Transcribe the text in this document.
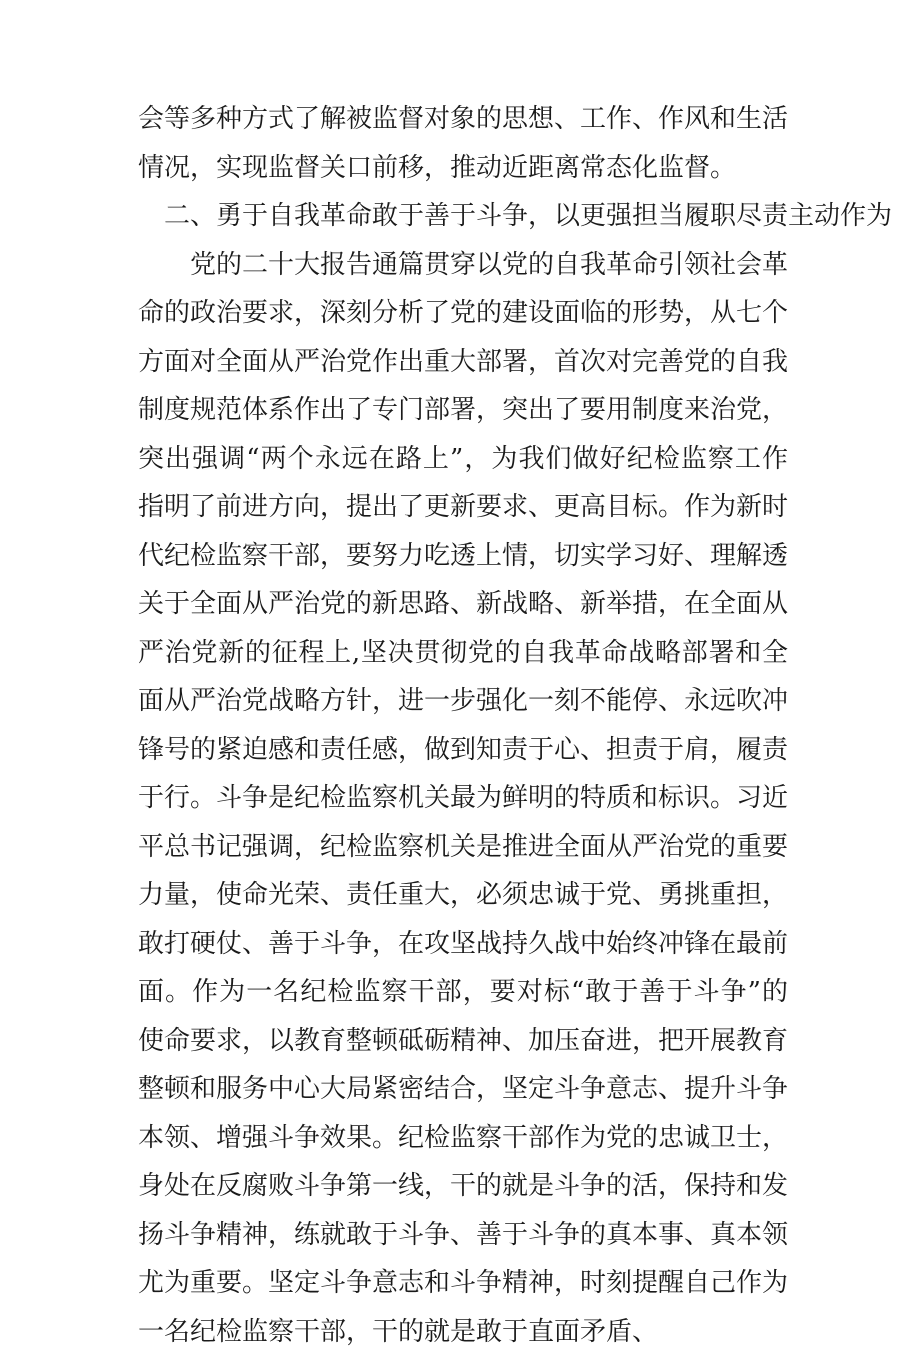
会等多种方式了解被监督对象的思想、工作、作风和生活情况，实现监督关口前移，推动近距离常态化监督。

二、勇于自我革命敢于善于斗争，以更强担当履职尽责主动作为

党的二十大报告通篇贯穿以党的自我革命引领社会革命的政治要求，深刻分析了党的建设面临的形势，从七个方面对全面从严治党作出重大部署，首次对完善党的自我制度规范体系作出了专门部署，突出了要用制度来治党，突出强调“两个永远在路上”，为我们做好纪检监察工作指明了前进方向，提出了更新要求、更高目标。作为新时代纪检监察干部，要努力吃透上情，切实学习好、理解透关于全面从严治党的新思路、新战略、新举措，在全面从严治党新的征程上,坚决贯彻党的自我革命战略部署和全面从严治党战略方针，进一步强化一刻不能停、永远吹冲锋号的紧迫感和责任感，做到知责于心、担责于肩，履责于行。斗争是纪检监察机关最为鲜明的特质和标识。习近平总书记强调，纪检监察机关是推进全面从严治党的重要力量，使命光荣、责任重大，必须忠诚于党、勇挑重担，敢打硬仗、善于斗争，在攻坚战持久战中始终冲锋在最前面。作为一名纪检监察干部，要对标“敢于善于斗争”的使命要求，以教育整顿砥砺精神、加压奋进，把开展教育整顿和服务中心大局紧密结合，坚定斗争意志、提升斗争本领、增强斗争效果。纪检监察干部作为党的忠诚卫士，身处在反腐败斗争第一线，干的就是斗争的活，保持和发扬斗争精神，练就敢于斗争、善于斗争的真本事、真本领尤为重要。坚定斗争意志和斗争精神，时刻提醒自己作为一名纪检监察干部，干的就是敢于直面矛盾、
